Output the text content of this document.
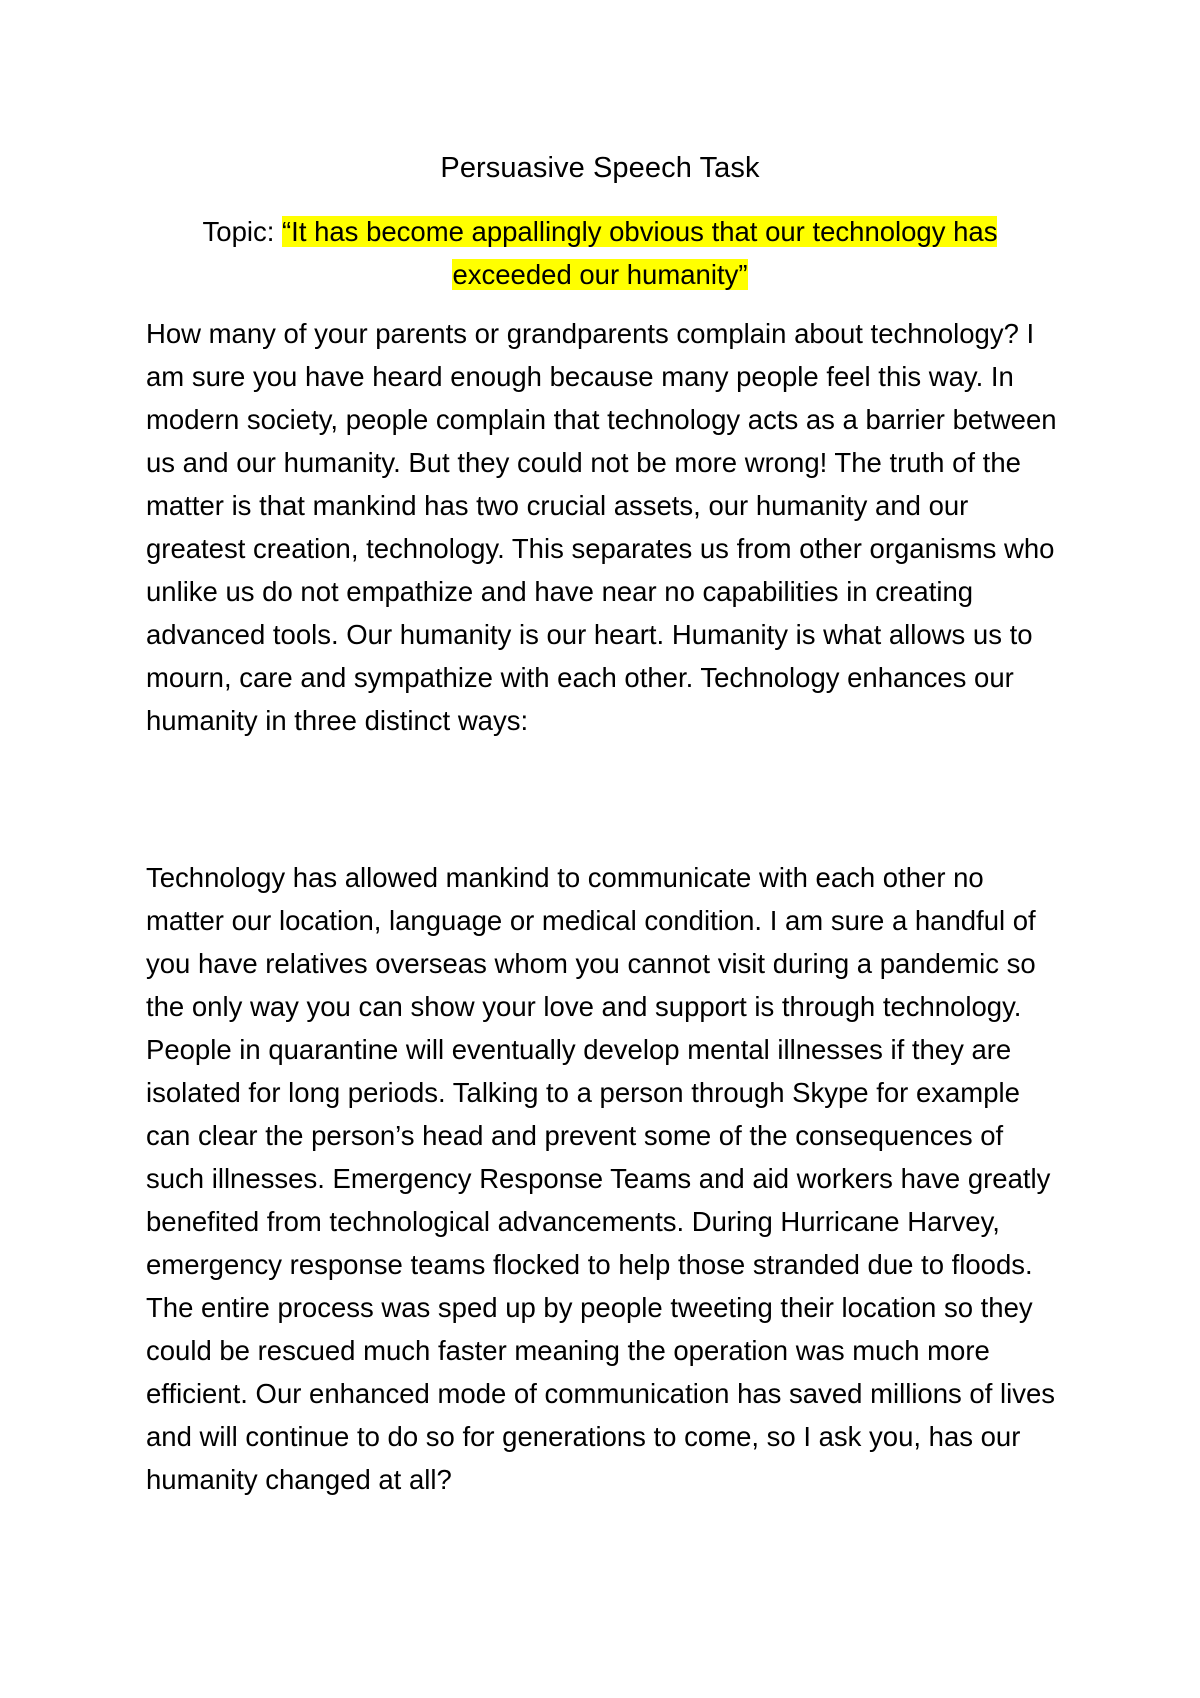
Persuasive Speech Task
Topic: “It has become appallingly obvious that our technology has
exceeded our humanity”

How many of your parents or grandparents complain about technology? I am sure you have heard enough because many people feel this way. In modern society, people complain that technology acts as a barrier between us and our humanity. But they could not be more wrong! The truth of the matter is that mankind has two crucial assets, our humanity and our greatest creation, technology. This separates us from other organisms who unlike us do not empathize and have near no capabilities in creating advanced tools. Our humanity is our heart. Humanity is what allows us to mourn, care and sympathize with each other. Technology enhances our humanity in three distinct ways:

Technology has allowed mankind to communicate with each other no matter our location, language or medical condition. I am sure a handful of you have relatives overseas whom you cannot visit during a pandemic so the only way you can show your love and support is through technology. People in quarantine will eventually develop mental illnesses if they are isolated for long periods. Talking to a person through Skype for example can clear the person’s head and prevent some of the consequences of such illnesses. Emergency Response Teams and aid workers have greatly benefited from technological advancements. During Hurricane Harvey, emergency response teams flocked to help those stranded due to floods. The entire process was sped up by people tweeting their location so they could be rescued much faster meaning the operation was much more efficient. Our enhanced mode of communication has saved millions of lives and will continue to do so for generations to come, so I ask you, has our humanity changed at all?
